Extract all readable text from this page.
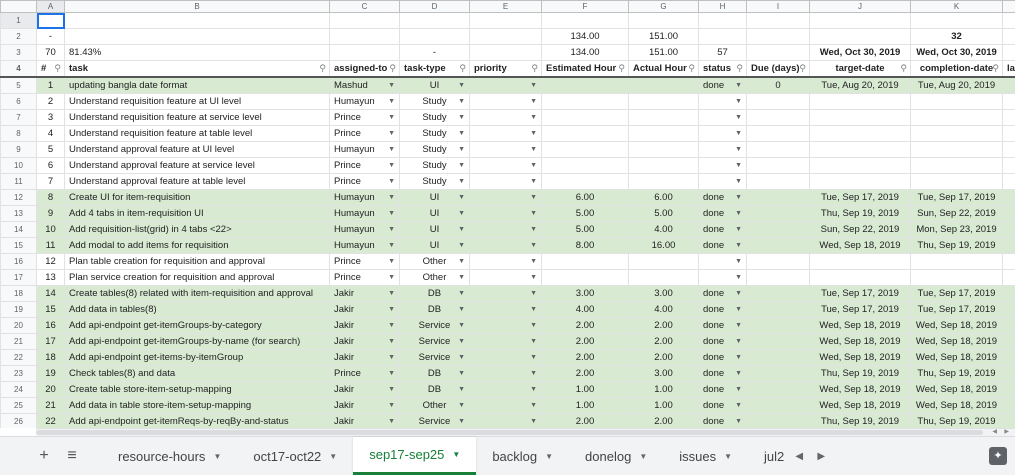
	A	B	C	D	E	F	G	H	I	J	K	
1												
2	-					134.00	151.00				32	
3	70	81.43%		-		134.00	151.00	57		Wed, Oct 30, 2019	Wed, Oct 30, 2019	
4	# ⚲	task ⚲	assigned-to ⚲	task-type ⚲	priority ⚲	Estimated Hour ⚲	Actual Hour ⚲	status ⚲	Due (days) ⚲	target-date ⚲	completion-date ⚲	la
5	1	updating bangla date format	Mashud ▼	UI ▼	▼			done ▼	0	Tue, Aug 20, 2019	Tue, Aug 20, 2019	
6	2	Understand requisition feature at UI level	Humayun ▼	Study ▼	▼			▼				

7	3	Understand requisition feature at service level	Prince ▼	Study ▼	▼			▼				

8	4	Understand requisition feature at table level	Prince ▼	Study ▼	▼			▼				

9	5	Understand approval feature at UI level	Humayun ▼	Study ▼	▼			▼				

10	6	Understand approval feature at service level	Prince ▼	Study ▼	▼			▼				

11	7	Understand approval feature at table level	Prince ▼	Study ▼	▼			▼				

12	8	Create UI for item-requisition	Humayun ▼	UI ▼	▼	6.00	6.00	done ▼		Tue, Sep 17, 2019	Tue, Sep 17, 2019	
13	9	Add 4 tabs in item-requisition UI	Humayun ▼	UI ▼	▼	5.00	5.00	done ▼		Thu, Sep 19, 2019	Sun, Sep 22, 2019	
14	10	Add requisition-list(grid) in 4 tabs <22>	Humayun ▼	UI ▼	▼	5.00	4.00	done ▼		Sun, Sep 22, 2019	Mon, Sep 23, 2019	
15	11	Add modal to add items for requisition	Humayun ▼	UI ▼	▼	8.00	16.00	done ▼		Wed, Sep 18, 2019	Thu, Sep 19, 2019	
16	12	Plan table creation for requisition and approval	Prince ▼	Other ▼	▼			▼				

17	13	Plan service creation for requisition and approval	Prince ▼	Other ▼	▼			▼				

18	14	Create tables(8) related with item-requisition and approval	Jakir ▼	DB ▼	▼	3.00	3.00	done ▼		Tue, Sep 17, 2019	Tue, Sep 17, 2019	
19	15	Add data in tables(8)	Jakir ▼	DB ▼	▼	4.00	4.00	done ▼		Tue, Sep 17, 2019	Tue, Sep 17, 2019	
20	16	Add api-endpoint get-itemGroups-by-category	Jakir ▼	Service ▼	▼	2.00	2.00	done ▼		Wed, Sep 18, 2019	Wed, Sep 18, 2019	
21	17	Add api-endpoint get-itemGroups-by-name (for search)	Jakir ▼	Service ▼	▼	2.00	2.00	done ▼		Wed, Sep 18, 2019	Wed, Sep 18, 2019	
22	18	Add api-endpoint get-items-by-itemGroup	Jakir ▼	Service ▼	▼	2.00	2.00	done ▼		Wed, Sep 18, 2019	Wed, Sep 18, 2019	
23	19	Check tables(8) and data	Prince ▼	DB ▼	▼	2.00	3.00	done ▼		Thu, Sep 19, 2019	Thu, Sep 19, 2019	
24	20	Create table store-item-setup-mapping	Jakir ▼	DB ▼	▼	1.00	1.00	done ▼		Wed, Sep 18, 2019	Wed, Sep 18, 2019	
25	21	Add data in table store-item-setup-mapping	Jakir ▼	Other ▼	▼	1.00	1.00	done ▼		Wed, Sep 18, 2019	Wed, Sep 18, 2019	
26	22	Add api-endpoint get-itemReqs-by-reqBy-and-status	Jakir ▼	Service ▼	▼	2.00	2.00	done ▼		Thu, Sep 19, 2019	Thu, Sep 19, 2019	
◀ ▶
+	≡	resource-hours ▼ oct17-oct22 ▼ sep17-sep25 ▼ backlog ▼ donelog ▼ issues ▼ jul2	◀	▶	✦
